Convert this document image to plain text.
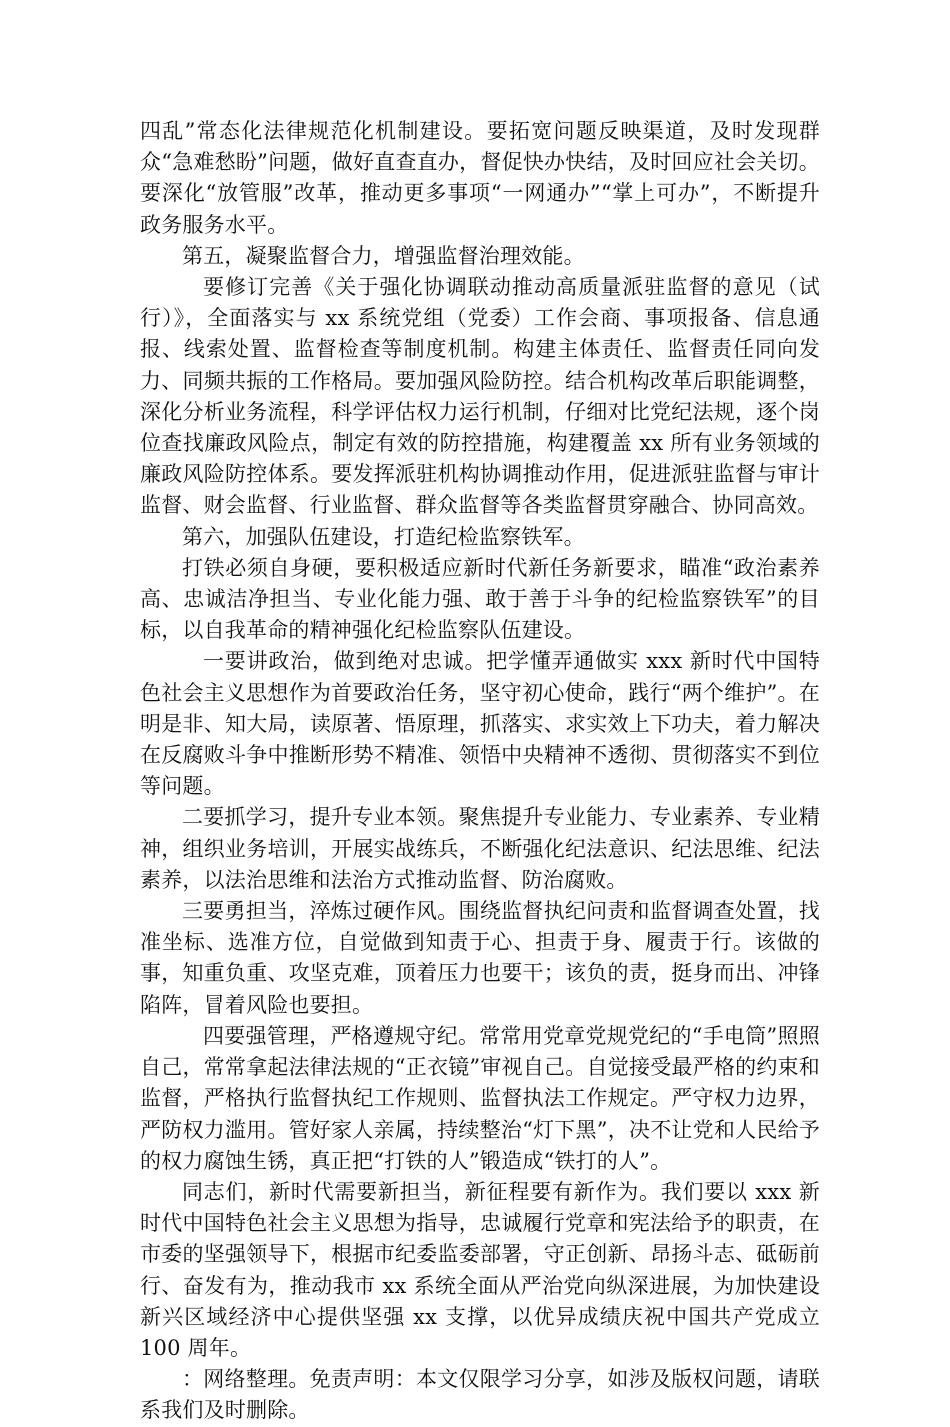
四乱”常态化法律规范化机制建设。要拓宽问题反映渠道，及时发现群众“急难愁盼”问题，做好直查直办，督促快办快结，及时回应社会关切。要深化“放管服”改革，推动更多事项“一网通办”“掌上可办”，不断提升政务服务水平。

第五，凝聚监督合力，增强监督治理效能。

要修订完善《关于强化协调联动推动高质量派驻监督的意见（试行）》，全面落实与 xx 系统党组（党委）工作会商、事项报备、信息通报、线索处置、监督检查等制度机制。构建主体责任、监督责任同向发力、同频共振的工作格局。要加强风险防控。结合机构改革后职能调整，深化分析业务流程，科学评估权力运行机制，仔细对比党纪法规，逐个岗位查找廉政风险点，制定有效的防控措施，构建覆盖 xx 所有业务领域的廉政风险防控体系。要发挥派驻机构协调推动作用，促进派驻监督与审计监督、财会监督、行业监督、群众监督等各类监督贯穿融合、协同高效。

第六，加强队伍建设，打造纪检监察铁军。

打铁必须自身硬，要积极适应新时代新任务新要求，瞄准“政治素养高、忠诚洁净担当、专业化能力强、敢于善于斗争的纪检监察铁军”的目标，以自我革命的精神强化纪检监察队伍建设。

一要讲政治，做到绝对忠诚。把学懂弄通做实 xxx 新时代中国特色社会主义思想作为首要政治任务，坚守初心使命，践行“两个维护”。在明是非、知大局，读原著、悟原理，抓落实、求实效上下功夫，着力解决在反腐败斗争中推断形势不精准、领悟中央精神不透彻、贯彻落实不到位等问题。

二要抓学习，提升专业本领。聚焦提升专业能力、专业素养、专业精神，组织业务培训，开展实战练兵，不断强化纪法意识、纪法思维、纪法素养，以法治思维和法治方式推动监督、防治腐败。

三要勇担当，淬炼过硬作风。围绕监督执纪问责和监督调查处置，找准坐标、选准方位，自觉做到知责于心、担责于身、履责于行。该做的事，知重负重、攻坚克难，顶着压力也要干；该负的责，挺身而出、冲锋陷阵，冒着风险也要担。

四要强管理，严格遵规守纪。常常用党章党规党纪的“手电筒”照照自己，常常拿起法律法规的“正衣镜”审视自己。自觉接受最严格的约束和监督，严格执行监督执纪工作规则、监督执法工作规定。严守权力边界，严防权力滥用。管好家人亲属，持续整治“灯下黑”，决不让党和人民给予的权力腐蚀生锈，真正把“打铁的人”锻造成“铁打的人”。

同志们，新时代需要新担当，新征程要有新作为。我们要以 xxx 新时代中国特色社会主义思想为指导，忠诚履行党章和宪法给予的职责，在市委的坚强领导下，根据市纪委监委部署，守正创新、昂扬斗志、砥砺前行、奋发有为，推动我市 xx 系统全面从严治党向纵深进展，为加快建设新兴区域经济中心提供坚强 xx 支撑，以优异成绩庆祝中国共产党成立 100 周年。

：网络整理。免责声明：本文仅限学习分享，如涉及版权问题，请联系我们及时删除。
